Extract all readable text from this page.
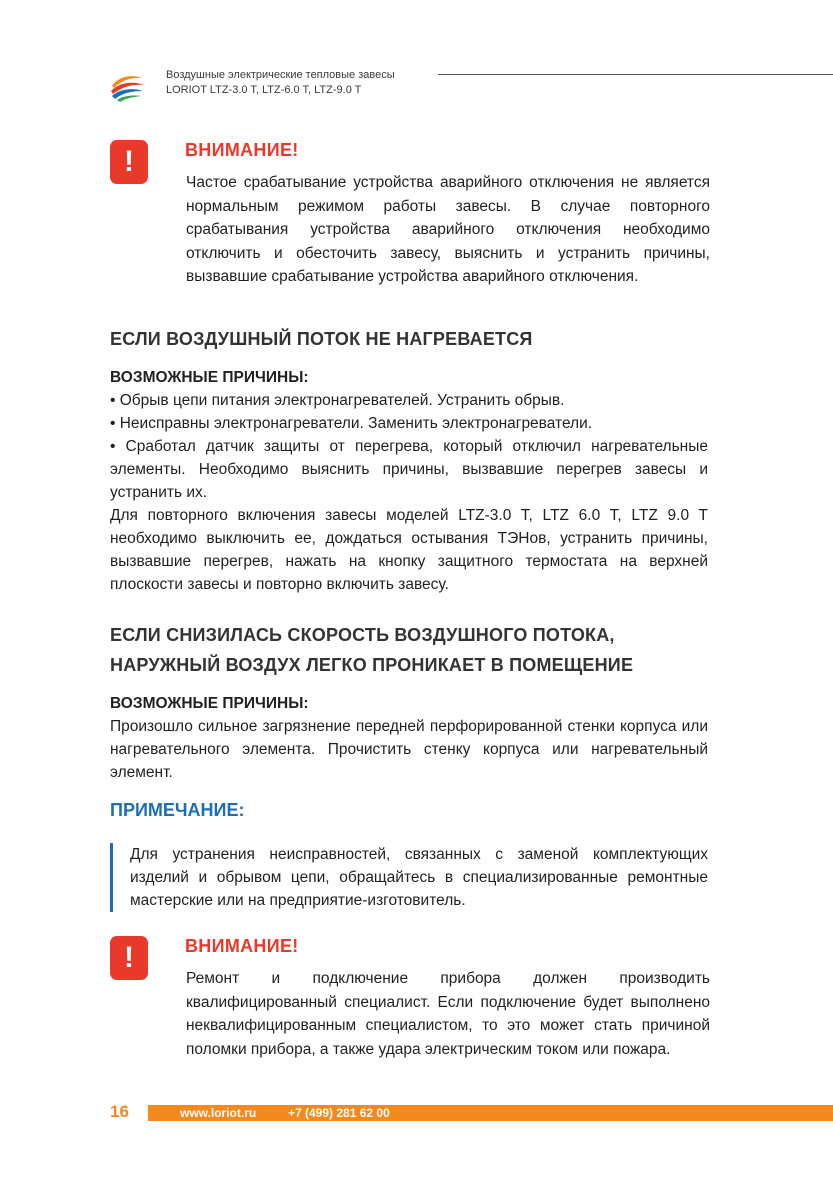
Воздушные электрические тепловые завесы
LORIOT LTZ-3.0 T, LTZ-6.0 T, LTZ-9.0 T
!	ВНИМАНИЕ!

Частое срабатывание устройства аварийного отключения не является нормальным режимом работы завесы. В случае повторного срабатывания устройства аварийного отключения необходимо отключить и обесточить завесу, выяснить и устранить причины, вызвавшие срабатывание устройства аварийного отключения.

ЕСЛИ ВОЗДУШНЫЙ ПОТОК НЕ НАГРЕВАЕТСЯ
ВОЗМОЖНЫЕ ПРИЧИНЫ:

• Обрыв цепи питания электронагревателей. Устранить обрыв.

• Неисправны электронагреватели. Заменить электронагреватели.

• Сработал датчик защиты от перегрева, который отключил нагревательные элементы. Необходимо выяснить причины, вызвавшие перегрев завесы и устранить их.

Для повторного включения завесы моделей LTZ-3.0 T, LTZ 6.0 T, LTZ 9.0 T необходимо выключить ее, дождаться остывания ТЭНов, устранить причины, вызвавшие перегрев, нажать на кнопку защитного термостата на верхней плоскости завесы и повторно включить завесу.

ЕСЛИ СНИЗИЛАСЬ СКОРОСТЬ ВОЗДУШНОГО ПОТОКА,
НАРУЖНЫЙ ВОЗДУХ ЛЕГКО ПРОНИКАЕТ В ПОМЕЩЕНИЕ
ВОЗМОЖНЫЕ ПРИЧИНЫ:

Произошло сильное загрязнение передней перфорированной стенки корпуса или нагревательного элемента. Прочистить стенку корпуса или нагревательный элемент.

ПРИМЕЧАНИЕ:

Для устранения неисправностей, связанных с заменой комплектующих изделий и обрывом цепи, обращайтесь в специализированные ремонтные мастерские или на предприятие-изготовитель.

!	ВНИМАНИЕ!

Ремонт и подключение прибора должен производить квалифицированный специалист. Если подключение будет выполнено неквалифицированным специалистом, то это может стать причиной поломки прибора, а также удара электрическим током или пожара.

16	www.loriot.ru	+7 (499) 281 62 00
